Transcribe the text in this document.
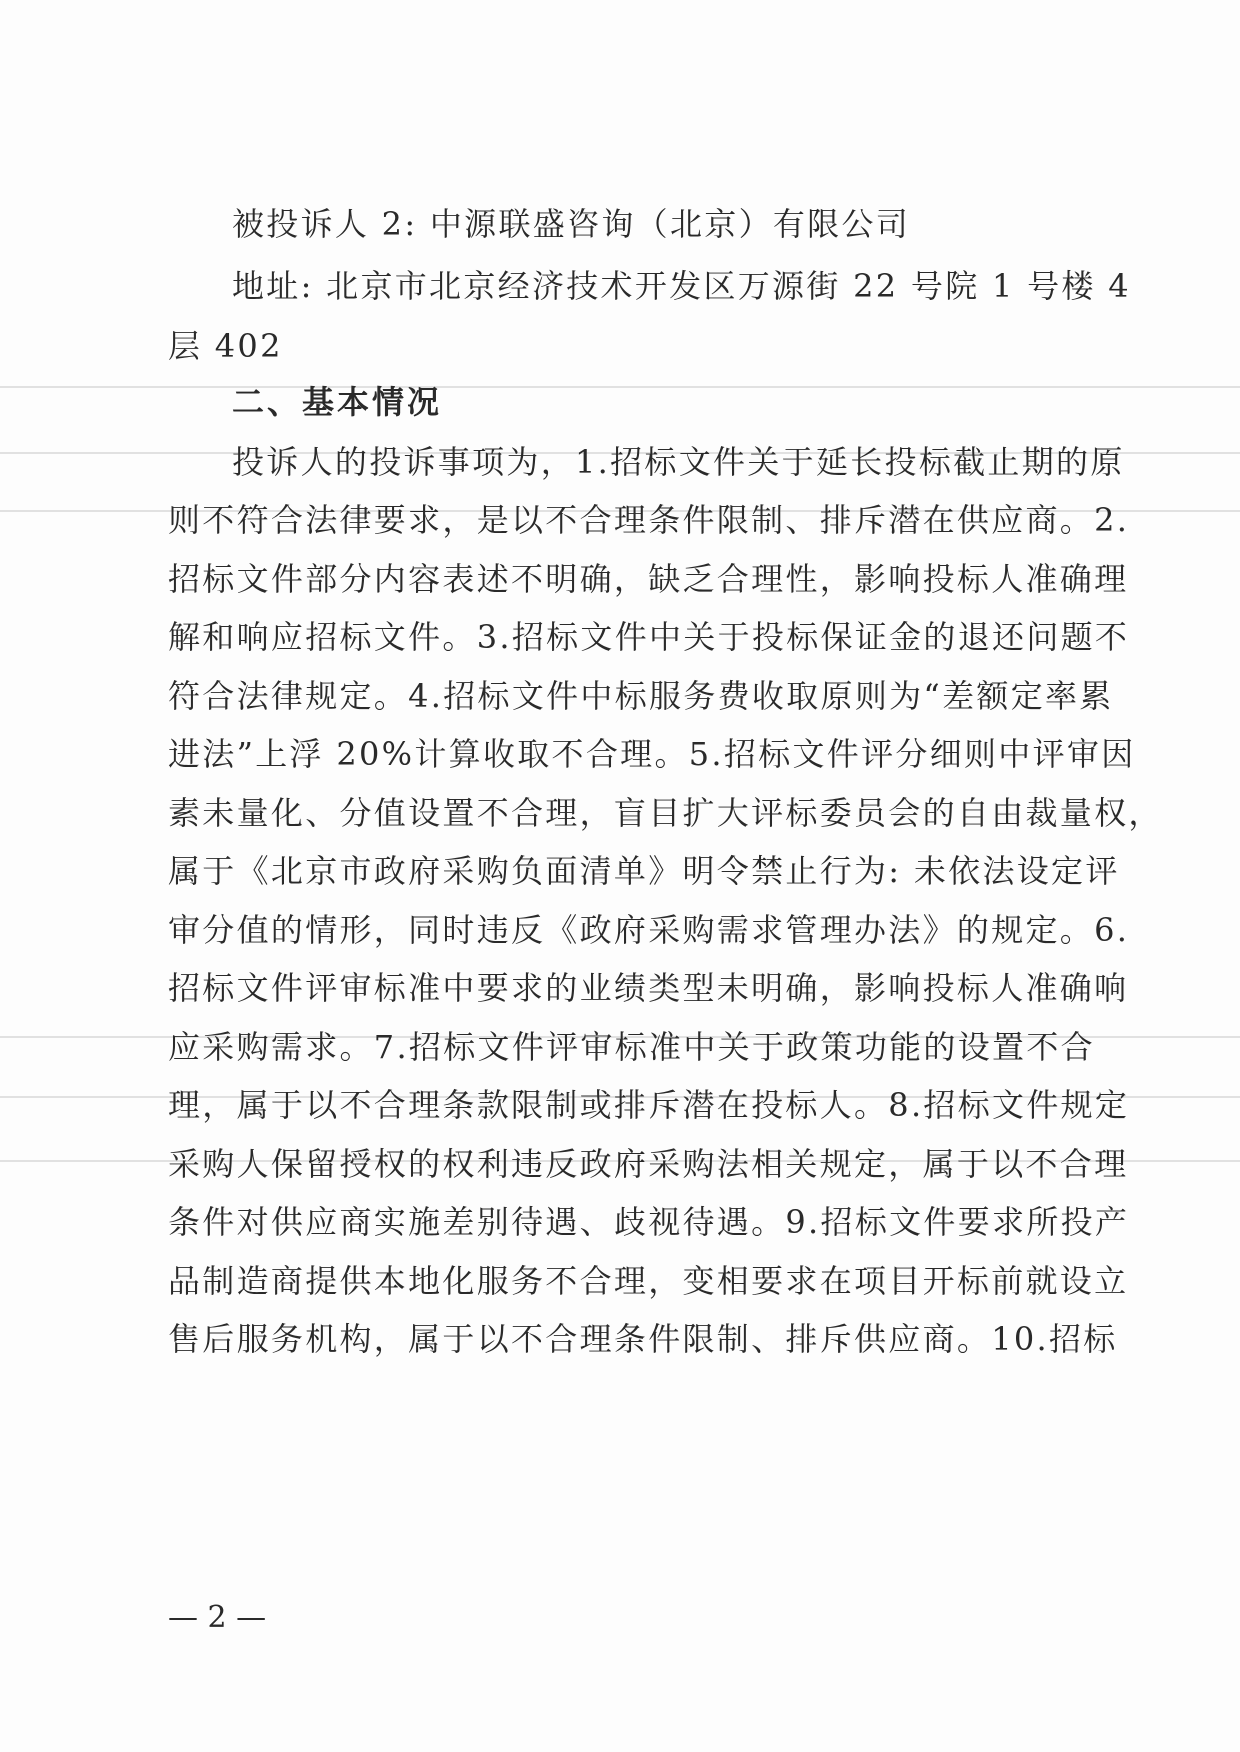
被投诉人 2: 中源联盛咨询（北京）有限公司
地址: 北京市北京经济技术开发区万源街 22 号院 1 号楼 4
层 402
二、基本情况
投诉人的投诉事项为，1.招标文件关于延长投标截止期的原
则不符合法律要求，是以不合理条件限制、排斥潜在供应商。2.
招标文件部分内容表述不明确，缺乏合理性，影响投标人准确理
解和响应招标文件。3.招标文件中关于投标保证金的退还问题不
符合法律规定。4.招标文件中标服务费收取原则为“差额定率累
进法”上浮 20%计算收取不合理。5.招标文件评分细则中评审因
素未量化、分值设置不合理，盲目扩大评标委员会的自由裁量权，
属于《北京市政府采购负面清单》明令禁止行为: 未依法设定评
审分值的情形，同时违反《政府采购需求管理办法》的规定。6.
招标文件评审标准中要求的业绩类型未明确，影响投标人准确响
应采购需求。7.招标文件评审标准中关于政策功能的设置不合
理，属于以不合理条款限制或排斥潜在投标人。8.招标文件规定
采购人保留授权的权利违反政府采购法相关规定，属于以不合理
条件对供应商实施差别待遇、歧视待遇。9.招标文件要求所投产
品制造商提供本地化服务不合理，变相要求在项目开标前就设立
售后服务机构，属于以不合理条件限制、排斥供应商。10.招标
— 2 —
